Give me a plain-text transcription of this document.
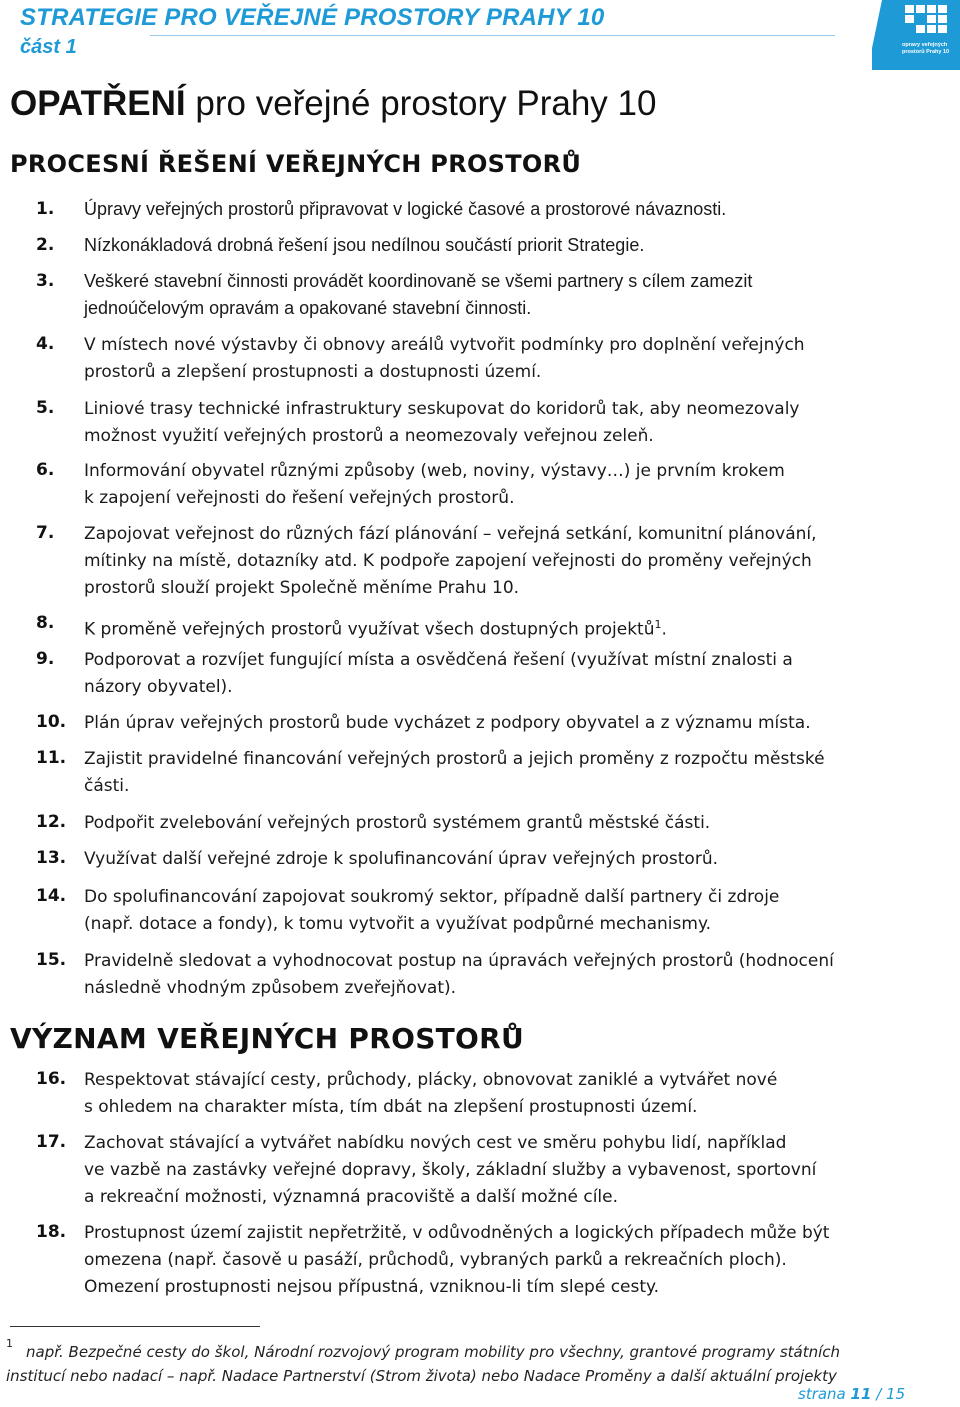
STRATEGIE PRO VEŘEJNÉ PROSTORY PRAHY 10
část 1	opravy veřejných
prostorů Prahy 10
OPATŘENÍ pro veřejné prostory Prahy 10
PROCESNÍ ŘEŠENÍ VEŘEJNÝCH PROSTORŮ
1. Úpravy veřejných prostorů připravovat v logické časové a prostorové návaznosti.
2. Nízkonákladová drobná řešení jsou nedílnou součástí priorit Strategie.
3. Veškeré stavební činnosti provádět koordinovaně se všemi partnery s cílem zamezit
jednoúčelovým opravám a opakované stavební činnosti.
4. V místech nové výstavby či obnovy areálů vytvořit podmínky pro doplnění veřejných
prostorů a zlepšení prostupnosti a dostupnosti území.
5. Liniové trasy technické infrastruktury seskupovat do koridorů tak, aby neomezovaly
možnost využití veřejných prostorů a neomezovaly veřejnou zeleň.
6. Informování obyvatel různými způsoby (web, noviny, výstavy…) je prvním krokem
k zapojení veřejnosti do řešení veřejných prostorů.
7. Zapojovat veřejnost do různých fází plánování – veřejná setkání, komunitní plánování,
mítinky na místě, dotazníky atd. K podpoře zapojení veřejnosti do proměny veřejných
prostorů slouží projekt Společně měníme Prahu 10.
8. K proměně veřejných prostorů využívat všech dostupných projektů$^1$.
9. Podporovat a rozvíjet fungující místa a osvědčená řešení (využívat místní znalosti a
názory obyvatel).
10. Plán úprav veřejných prostorů bude vycházet z podpory obyvatel a z významu místa.
11. Zajistit pravidelné financování veřejných prostorů a jejich proměny z rozpočtu městské
části.
12. Podpořit zvelebování veřejných prostorů systémem grantů městské části.
13. Využívat další veřejné zdroje k spolufinancování úprav veřejných prostorů.
14. Do spolufinancování zapojovat soukromý sektor, případně další partnery či zdroje
(např. dotace a fondy), k tomu vytvořit a využívat podpůrné mechanismy.
15. Pravidelně sledovat a vyhodnocovat postup na úpravách veřejných prostorů (hodnocení
následně vhodným způsobem zveřejňovat).
VÝZNAM VEŘEJNÝCH PROSTORŮ
16. Respektovat stávající cesty, průchody, plácky, obnovovat zaniklé a vytvářet nové
s ohledem na charakter místa, tím dbát na zlepšení prostupnosti území.
17. Zachovat stávající a vytvářet nabídku nových cest ve směru pohybu lidí, například
ve vazbě na zastávky veřejné dopravy, školy, základní služby a vybavenost, sportovní
a rekreační možnosti, významná pracoviště a další možné cíle.
18. Prostupnost území zajistit nepřetržitě, v odůvodněných a logických případech může být
omezena (např. časově u pasáží, průchodů, vybraných parků a rekreačních ploch).
Omezení prostupnosti nejsou přípustná, vzniknou-li tím slepé cesty.
1 např. Bezpečné cesty do škol, Národní rozvojový program mobility pro všechny, grantové programy státních
institucí nebo nadací – např. Nadace Partnerství (Strom života) nebo Nadace Proměny a další aktuální projekty
strana 11 / 15
